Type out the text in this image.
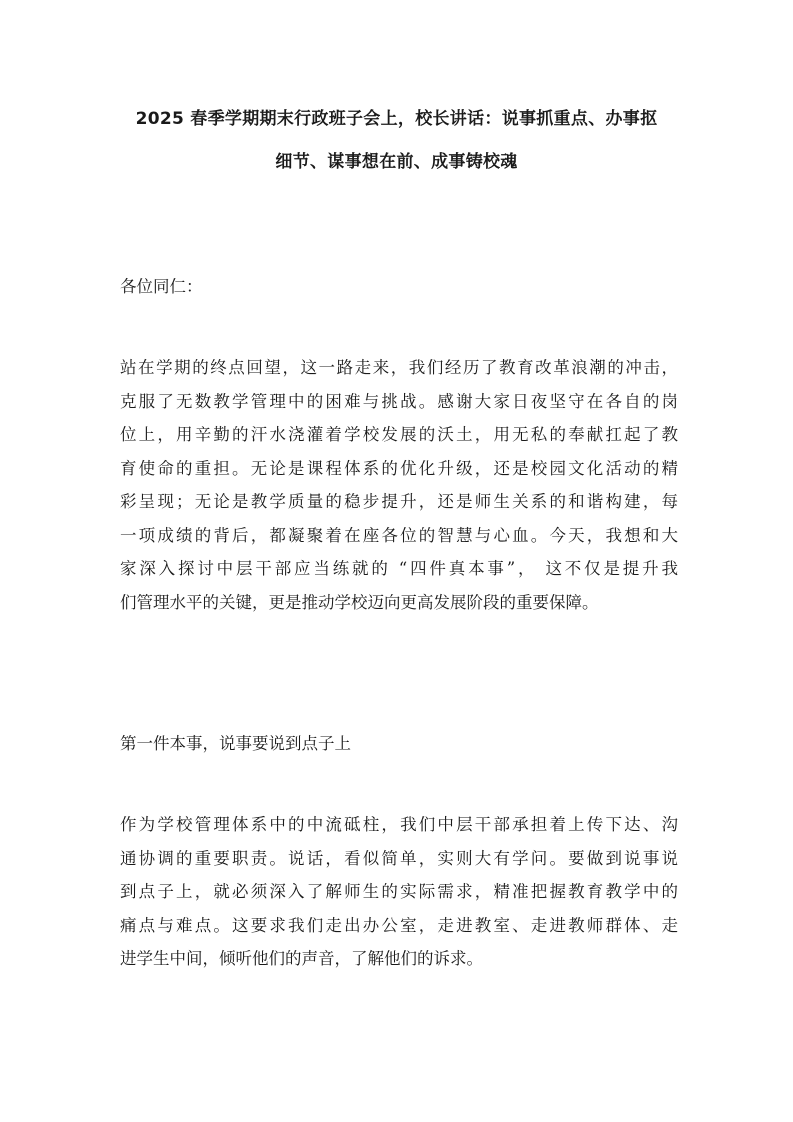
2025 春季学期期末行政班子会上，校长讲话：说事抓重点、办事抠
细节、谋事想在前、成事铸校魂

各位同仁：

站在学期的终点回望，这一路走来，我们经历了教育改革浪潮的冲击，
克服了无数教学管理中的困难与挑战。感谢大家日夜坚守在各自的岗
位上，用辛勤的汗水浇灌着学校发展的沃土，用无私的奉献扛起了教
育使命的重担。无论是课程体系的优化升级，还是校园文化活动的精
彩呈现；无论是教学质量的稳步提升，还是师生关系的和谐构建，每
一项成绩的背后，都凝聚着在座各位的智慧与心血。今天，我想和大
家深入探讨中层干部应当练就的 “四件真本事”， 这不仅是提升我
们管理水平的关键，更是推动学校迈向更高发展阶段的重要保障。

第一件本事，说事要说到点子上

作为学校管理体系中的中流砥柱，我们中层干部承担着上传下达、沟
通协调的重要职责。说话，看似简单，实则大有学问。要做到说事说
到点子上，就必须深入了解师生的实际需求，精准把握教育教学中的
痛点与难点。这要求我们走出办公室，走进教室、走进教师群体、走
进学生中间，倾听他们的声音，了解他们的诉求。
